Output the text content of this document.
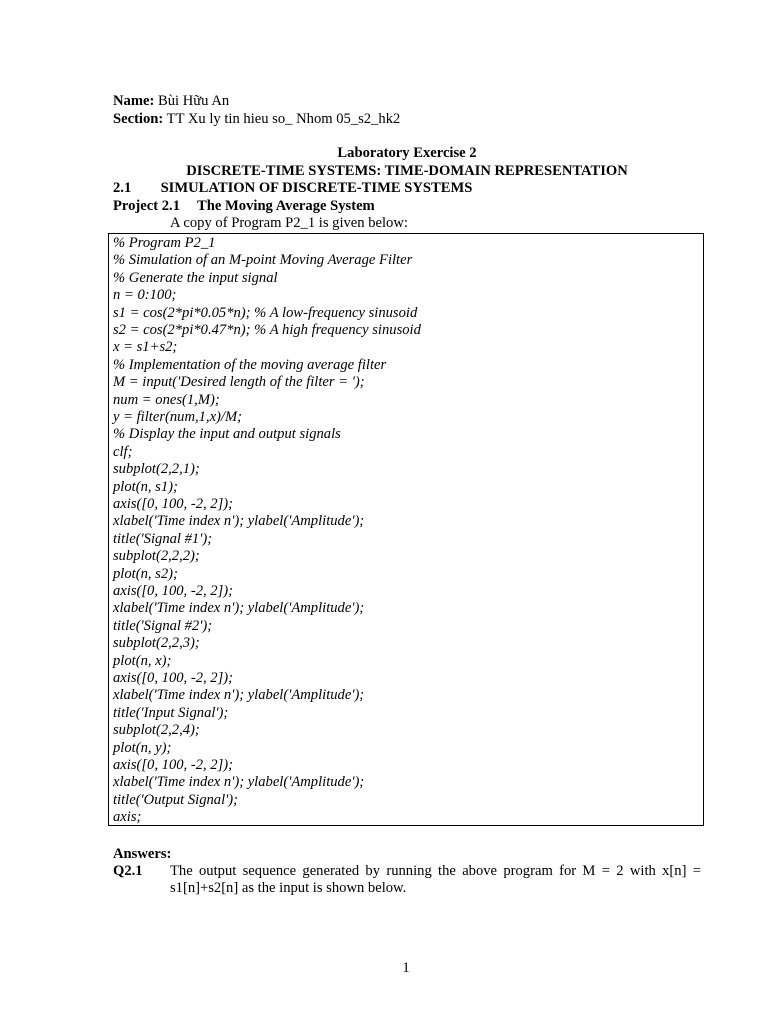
Name: Bùi Hữu An
Section: TT Xu ly tin hieu so_ Nhom 05_s2_hk2
Laboratory Exercise 2
DISCRETE-TIME SYSTEMS: TIME-DOMAIN REPRESENTATION
2.1 SIMULATION OF DISCRETE-TIME SYSTEMS
Project 2.1 The Moving Average System
A copy of Program P2_1 is given below:
% Program P2_1
% Simulation of an M-point Moving Average Filter
% Generate the input signal
n = 0:100;
s1 = cos(2*pi*0.05*n); % A low-frequency sinusoid
s2 = cos(2*pi*0.47*n); % A high frequency sinusoid
x = s1+s2;
% Implementation of the moving average filter
M = input('Desired length of the filter = ');
num = ones(1,M);
y = filter(num,1,x)/M;
% Display the input and output signals
clf;
subplot(2,2,1);
plot(n, s1);
axis([0, 100, -2, 2]);
xlabel('Time index n'); ylabel('Amplitude');
title('Signal #1');
subplot(2,2,2);
plot(n, s2);
axis([0, 100, -2, 2]);
xlabel('Time index n'); ylabel('Amplitude');
title('Signal #2');
subplot(2,2,3);
plot(n, x);
axis([0, 100, -2, 2]);
xlabel('Time index n'); ylabel('Amplitude');
title('Input Signal');
subplot(2,2,4);
plot(n, y);
axis([0, 100, -2, 2]);
xlabel('Time index n'); ylabel('Amplitude');
title('Output Signal');
axis;
Answers:
Q2.1 The output sequence generated by running the above program for M = 2 with x[n] = s1[n]+s2[n] as the input is shown below.
1
